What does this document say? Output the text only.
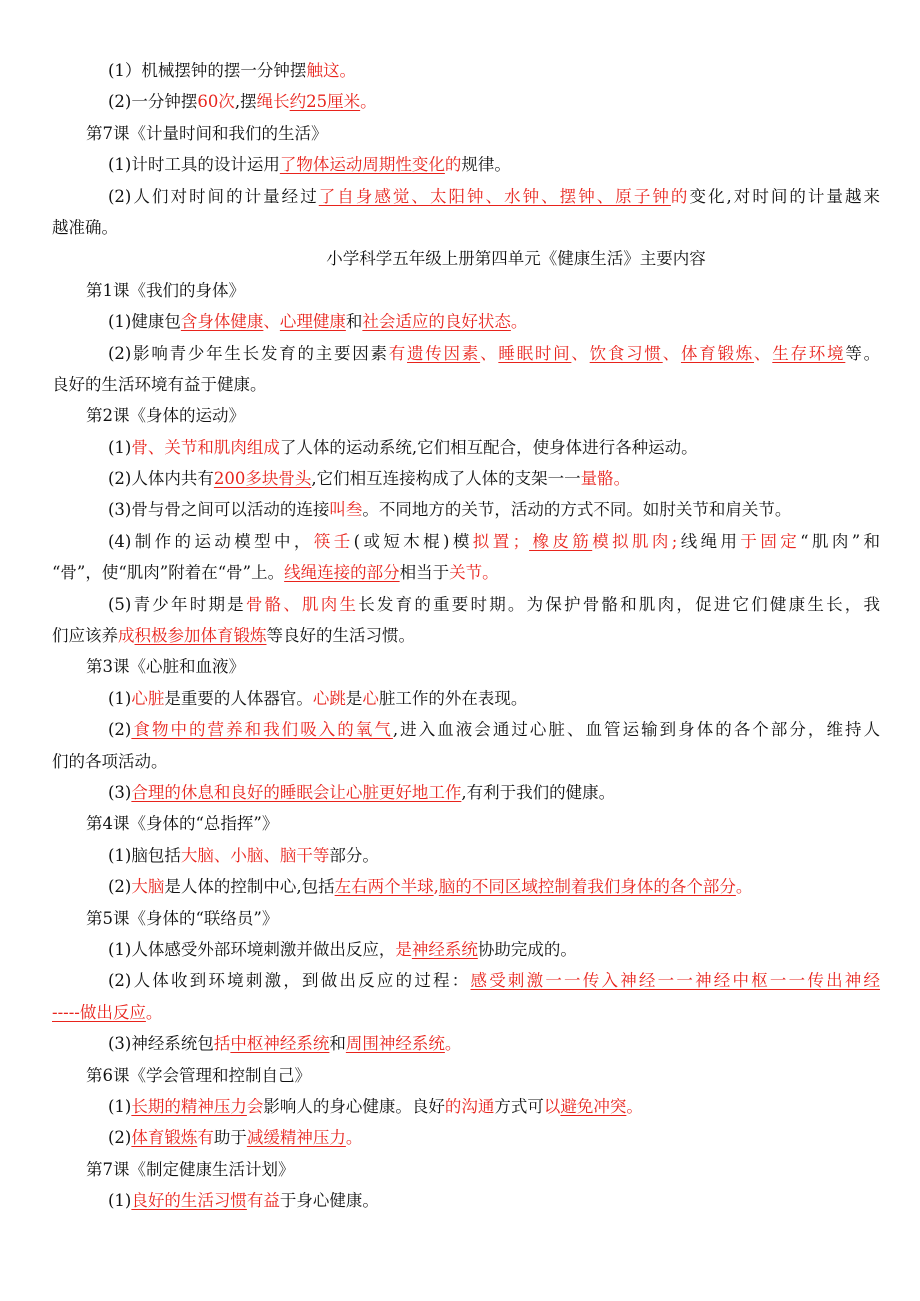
(1）机械摆钟的摆一分钟摆触这。

(2)一分钟摆60次,摆绳长约25厘米。

第7课《计量时间和我们的生活》

(1)计时工具的设计运用了物体运动周期性变化的规律。

(2)人们对时间的计量经过了自身感觉、太阳钟、水钟、摆钟、原子钟的变化,对时间的计量越来

越准确。

小学科学五年级上册第四单元《健康生活》主要内容

第1课《我们的身体》

(1)健康包含身体健康、心理健康和社会适应的良好状态。

(2)影响青少年生长发育的主要因素有遗传因素、睡眠时间、饮食习惯、体育锻炼、生存环境等。

良好的生活环境有益于健康。

第2课《身体的运动》

(1)骨、关节和肌肉组成了人体的运动系统,它们相互配合，使身体进行各种运动。

(2)人体内共有200多块骨头,它们相互连接构成了人体的支架一一量骼。

(3)骨与骨之间可以活动的连接叫叁。不同地方的关节，活动的方式不同。如肘关节和肩关节。

(4)制作的运动模型中，筷壬(或短木棍)模拟置；橡皮筋模拟肌肉;线绳用于固定“肌肉”和

“骨”，使“肌肉”附着在“骨”上。线绳连接的部分相当于关节。

(5)青少年时期是骨骼、肌肉生长发育的重要时期。为保护骨骼和肌肉，促进它们健康生长，我

们应该养成积极参加体育锻炼等良好的生活习惯。

第3课《心脏和血液》

(1)心脏是重要的人体器官。心跳是心脏工作的外在表现。

(2)食物中的营养和我们吸入的氧气,进入血液会通过心脏、血管运输到身体的各个部分，维持人

们的各项活动。

(3)合理的休息和良好的睡眠会让心脏更好地工作,有利于我们的健康。

第4课《身体的“总指挥”》

(1)脑包括大脑、小脑、脑干等部分。

(2)大脑是人体的控制中心,包括左右两个半球,脑的不同区域控制着我们身体的各个部分。

第5课《身体的“联络员”》

(1)人体感受外部环境刺激并做出反应，是神经系统协助完成的。

(2)人体收到环境刺激，到做出反应的过程：感受刺激一一传入神经一一神经中枢一一传出神经

-----做出反应。

(3)神经系统包括中枢神经系统和周围神经系统。

第6课《学会管理和控制自己》

(1)长期的精神压力会影响人的身心健康。良好的沟通方式可以避免冲突。

(2)体育锻炼有助于减缓精神压力。

第7课《制定健康生活计划》

(1)良好的生活习惯有益于身心健康。
